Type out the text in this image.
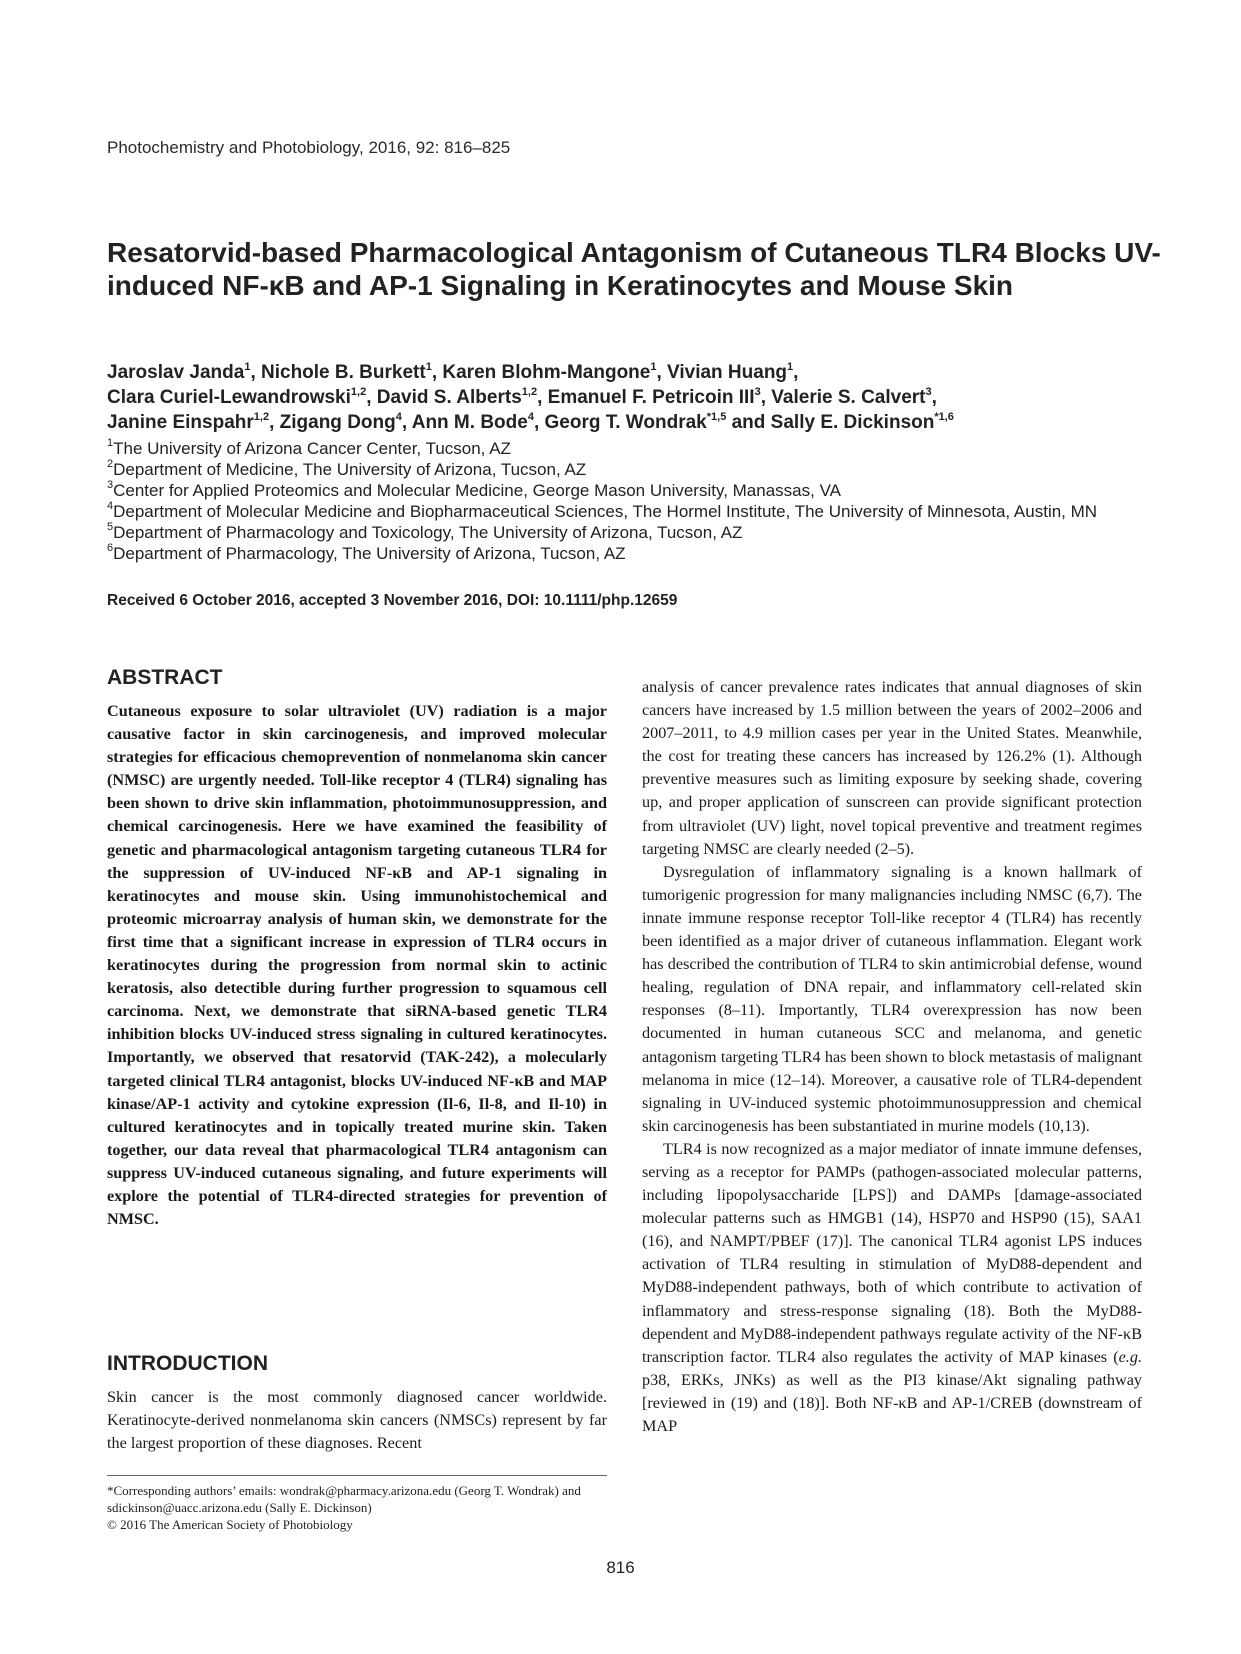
Photochemistry and Photobiology, 2016, 92: 816–825
Resatorvid-based Pharmacological Antagonism of Cutaneous TLR4 Blocks UV-induced NF-κB and AP-1 Signaling in Keratinocytes and Mouse Skin
Jaroslav Janda$^1$, Nichole B. Burkett$^1$, Karen Blohm-Mangone$^1$, Vivian Huang$^1$,
Clara Curiel-Lewandrowski$^{1,2}$, David S. Alberts$^{1,2}$, Emanuel F. Petricoin III$^3$, Valerie S. Calvert$^3$,
Janine Einspahr$^{1,2}$, Zigang Dong$^4$, Ann M. Bode$^4$, Georg T. Wondrak$^{*1,5}$ and Sally E. Dickinson$^{*1,6}$
$^1$The University of Arizona Cancer Center, Tucson, AZ
$^2$Department of Medicine, The University of Arizona, Tucson, AZ
$^3$Center for Applied Proteomics and Molecular Medicine, George Mason University, Manassas, VA
$^4$Department of Molecular Medicine and Biopharmaceutical Sciences, The Hormel Institute, The University of Minnesota, Austin, MN
$^5$Department of Pharmacology and Toxicology, The University of Arizona, Tucson, AZ
$^6$Department of Pharmacology, The University of Arizona, Tucson, AZ
Received 6 October 2016, accepted 3 November 2016, DOI: 10.1111/php.12659
ABSTRACT

Cutaneous exposure to solar ultraviolet (UV) radiation is a major causative factor in skin carcinogenesis, and improved molecular strategies for efficacious chemoprevention of nonmelanoma skin cancer (NMSC) are urgently needed. Toll-like receptor 4 (TLR4) signaling has been shown to drive skin inflammation, photoimmunosuppression, and chemical carcinogenesis. Here we have examined the feasibility of genetic and pharmacological antagonism targeting cutaneous TLR4 for the suppression of UV-induced NF-κB and AP-1 signaling in keratinocytes and mouse skin. Using immunohistochemical and proteomic microarray analysis of human skin, we demonstrate for the first time that a significant increase in expression of TLR4 occurs in keratinocytes during the progression from normal skin to actinic keratosis, also detectible during further progression to squamous cell carcinoma. Next, we demonstrate that siRNA-based genetic TLR4 inhibition blocks UV-induced stress signaling in cultured keratinocytes. Importantly, we observed that resatorvid (TAK-242), a molecularly targeted clinical TLR4 antagonist, blocks UV-induced NF-κB and MAP kinase/AP-1 activity and cytokine expression (Il-6, Il-8, and Il-10) in cultured keratinocytes and in topically treated murine skin. Taken together, our data reveal that pharmacological TLR4 antagonism can suppress UV-induced cutaneous signaling, and future experiments will explore the potential of TLR4-directed strategies for prevention of NMSC.

INTRODUCTION

Skin cancer is the most commonly diagnosed cancer worldwide. Keratinocyte-derived nonmelanoma skin cancers (NMSCs) represent by far the largest proportion of these diagnoses. Recent

analysis of cancer prevalence rates indicates that annual diagnoses of skin cancers have increased by 1.5 million between the years of 2002–2006 and 2007–2011, to 4.9 million cases per year in the United States. Meanwhile, the cost for treating these cancers has increased by 126.2% (1). Although preventive measures such as limiting exposure by seeking shade, covering up, and proper application of sunscreen can provide significant protection from ultraviolet (UV) light, novel topical preventive and treatment regimes targeting NMSC are clearly needed (2–5).

Dysregulation of inflammatory signaling is a known hallmark of tumorigenic progression for many malignancies including NMSC (6,7). The innate immune response receptor Toll-like receptor 4 (TLR4) has recently been identified as a major driver of cutaneous inflammation. Elegant work has described the contribution of TLR4 to skin antimicrobial defense, wound healing, regulation of DNA repair, and inflammatory cell-related skin responses (8–11). Importantly, TLR4 overexpression has now been documented in human cutaneous SCC and melanoma, and genetic antagonism targeting TLR4 has been shown to block metastasis of malignant melanoma in mice (12–14). Moreover, a causative role of TLR4-dependent signaling in UV-induced systemic photoimmunosuppression and chemical skin carcinogenesis has been substantiated in murine models (10,13).

TLR4 is now recognized as a major mediator of innate immune defenses, serving as a receptor for PAMPs (pathogen-associated molecular patterns, including lipopolysaccharide [LPS]) and DAMPs [damage-associated molecular patterns such as HMGB1 (14), HSP70 and HSP90 (15), SAA1 (16), and NAMPT/PBEF (17)]. The canonical TLR4 agonist LPS induces activation of TLR4 resulting in stimulation of MyD88-dependent and MyD88-independent pathways, both of which contribute to activation of inflammatory and stress-response signaling (18). Both the MyD88-dependent and MyD88-independent pathways regulate activity of the NF-κB transcription factor. TLR4 also regulates the activity of MAP kinases (e.g. p38, ERKs, JNKs) as well as the PI3 kinase/Akt signaling pathway [reviewed in (19) and (18)]. Both NF-κB and AP-1/CREB (downstream of MAP

*Corresponding authors’ emails: wondrak@pharmacy.arizona.edu (Georg T. Wondrak) and sdickinson@uacc.arizona.edu (Sally E. Dickinson)
© 2016 The American Society of Photobiology
816
